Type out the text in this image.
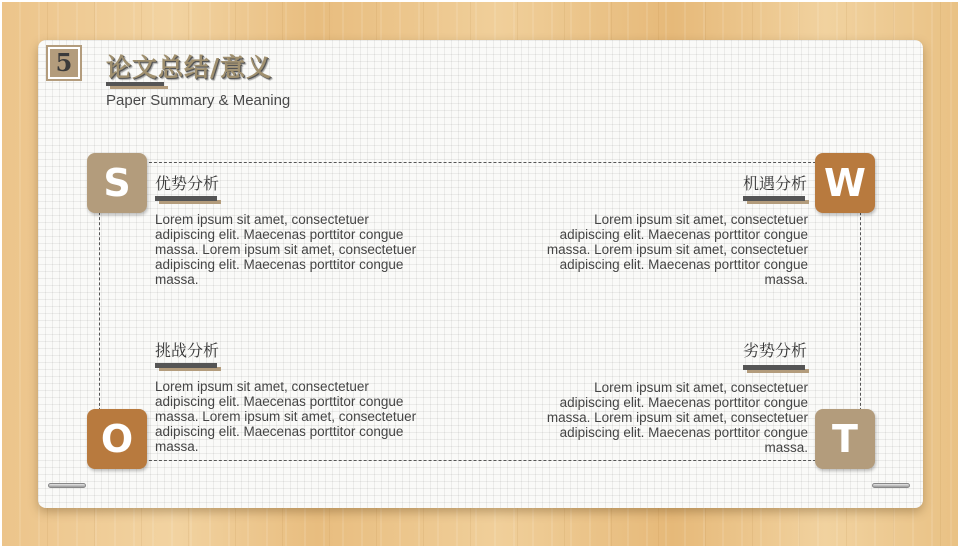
5	论文总结/意义
Paper Summary & Meaning
S	优势分析

Lorem ipsum sit amet, consectetuer adipiscing elit. Maecenas porttitor congue massa. Lorem ipsum sit amet, consectetuer adipiscing elit. Maecenas porttitor congue massa.

W
机遇分析

Lorem ipsum sit amet, consectetuer adipiscing elit. Maecenas porttitor congue massa. Lorem ipsum sit amet, consectetuer adipiscing elit. Maecenas porttitor congue massa.

O
挑战分析

Lorem ipsum sit amet, consectetuer adipiscing elit. Maecenas porttitor congue massa. Lorem ipsum sit amet, consectetuer adipiscing elit. Maecenas porttitor congue massa.	T
劣势分析

Lorem ipsum sit amet, consectetuer adipiscing elit. Maecenas porttitor congue massa. Lorem ipsum sit amet, consectetuer adipiscing elit. Maecenas porttitor congue massa.
